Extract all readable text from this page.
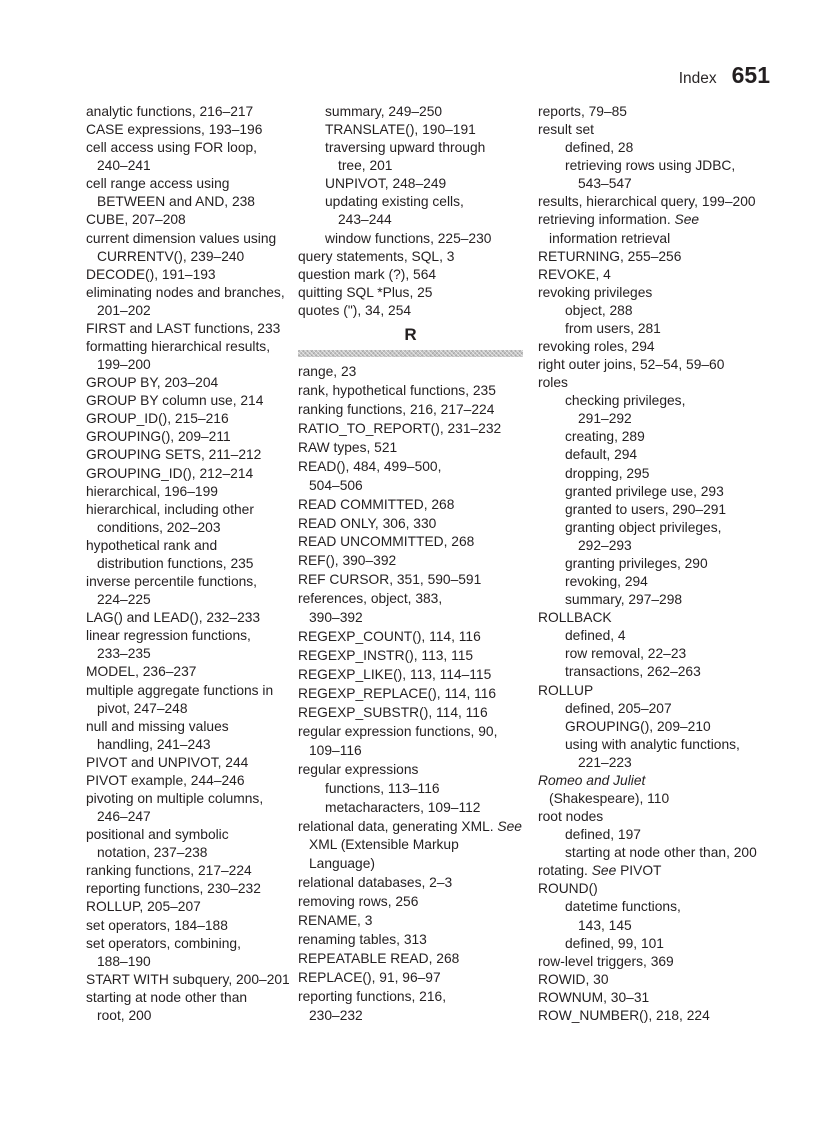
Index 651
analytic functions, 216–217
CASE expressions, 193–196
cell access using FOR loop,
240–241
cell range access using
BETWEEN and AND, 238
CUBE, 207–208
current dimension values using
CURRENTV(), 239–240
DECODE(), 191–193
eliminating nodes and branches,
201–202
FIRST and LAST functions, 233
formatting hierarchical results,
199–200
GROUP BY, 203–204
GROUP BY column use, 214
GROUP_ID(), 215–216
GROUPING(), 209–211
GROUPING SETS, 211–212
GROUPING_ID(), 212–214
hierarchical, 196–199
hierarchical, including other
conditions, 202–203
hypothetical rank and
distribution functions, 235
inverse percentile functions,
224–225
LAG() and LEAD(), 232–233
linear regression functions,
233–235
MODEL, 236–237
multiple aggregate functions in
pivot, 247–248
null and missing values
handling, 241–243
PIVOT and UNPIVOT, 244
PIVOT example, 244–246
pivoting on multiple columns,
246–247
positional and symbolic
notation, 237–238
ranking functions, 217–224
reporting functions, 230–232
ROLLUP, 205–207
set operators, 184–188
set operators, combining,
188–190
START WITH subquery, 200–201
starting at node other than
root, 200
summary, 249–250
TRANSLATE(), 190–191
traversing upward through
tree, 201
UNPIVOT, 248–249
updating existing cells,
243–244
window functions, 225–230
query statements, SQL, 3
question mark (?), 564
quitting SQL *Plus, 25
quotes ("), 34, 254
R
range, 23
rank, hypothetical functions, 235
ranking functions, 216, 217–224
RATIO_TO_REPORT(), 231–232
RAW types, 521
READ(), 484, 499–500,
504–506
READ COMMITTED, 268
READ ONLY, 306, 330
READ UNCOMMITTED, 268
REF(), 390–392
REF CURSOR, 351, 590–591
references, object, 383,
390–392
REGEXP_COUNT(), 114, 116
REGEXP_INSTR(), 113, 115
REGEXP_LIKE(), 113, 114–115
REGEXP_REPLACE(), 114, 116
REGEXP_SUBSTR(), 114, 116
regular expression functions, 90,
109–116
regular expressions
functions, 113–116
metacharacters, 109–112
relational data, generating XML. See
XML (Extensible Markup
Language)
relational databases, 2–3
removing rows, 256
RENAME, 3
renaming tables, 313
REPEATABLE READ, 268
REPLACE(), 91, 96–97
reporting functions, 216,
230–232
reports, 79–85
result set
defined, 28
retrieving rows using JDBC,
543–547
results, hierarchical query, 199–200
retrieving information. See
information retrieval
RETURNING, 255–256
REVOKE, 4
revoking privileges
object, 288
from users, 281
revoking roles, 294
right outer joins, 52–54, 59–60
roles
checking privileges,
291–292
creating, 289
default, 294
dropping, 295
granted privilege use, 293
granted to users, 290–291
granting object privileges,
292–293
granting privileges, 290
revoking, 294
summary, 297–298
ROLLBACK
defined, 4
row removal, 22–23
transactions, 262–263
ROLLUP
defined, 205–207
GROUPING(), 209–210
using with analytic functions,
221–223
Romeo and Juliet
(Shakespeare), 110
root nodes
defined, 197
starting at node other than, 200
rotating. See PIVOT
ROUND()
datetime functions,
143, 145
defined, 99, 101
row-level triggers, 369
ROWID, 30
ROWNUM, 30–31
ROW_NUMBER(), 218, 224
